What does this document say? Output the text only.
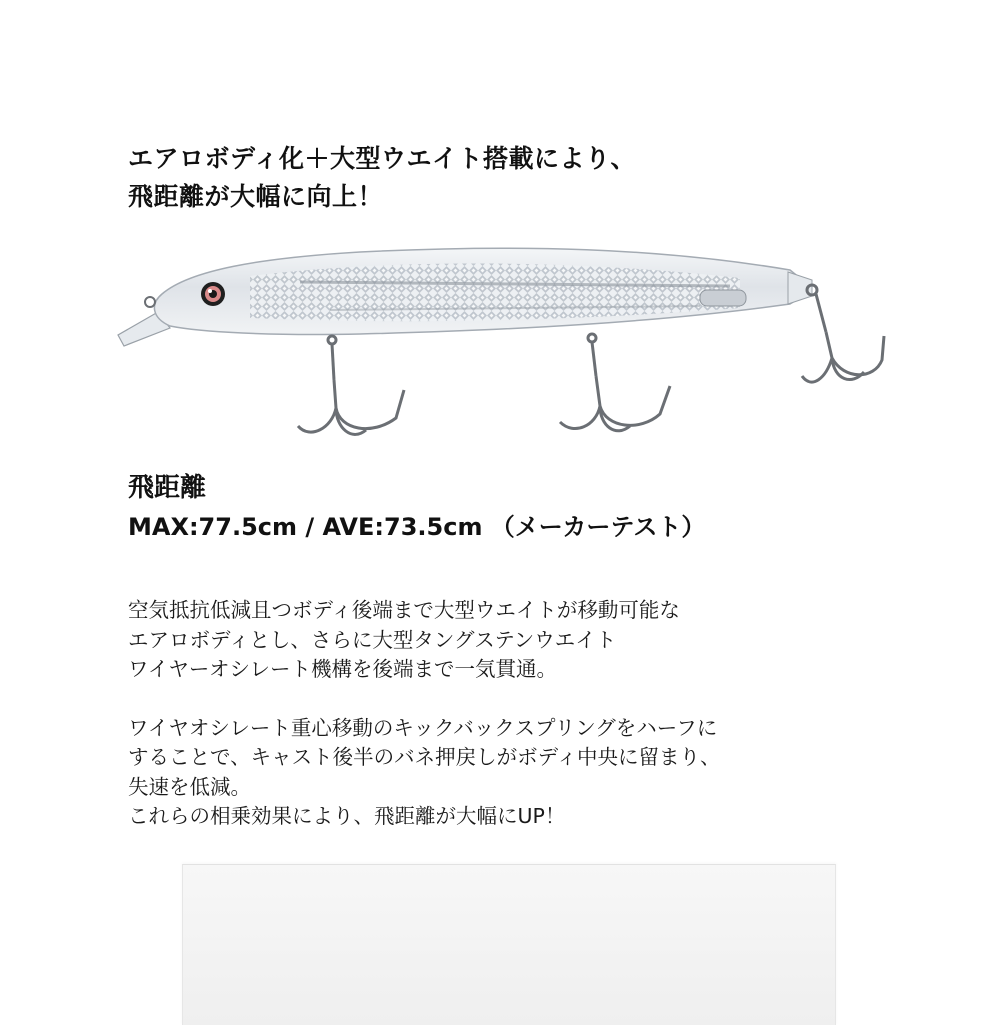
エアロボディ化＋大型ウエイト搭載により、
飛距離が大幅に向上！
飛距離
MAX:77.5cm / AVE:73.5cm （メーカーテスト）

空気抵抗低減且つボディ後端まで大型ウエイトが移動可能な
エアロボディとし、さらに大型タングステンウエイト
ワイヤーオシレート機構を後端まで一気貫通。

ワイヤオシレート重心移動のキックバックスプリングをハーフに
することで、キャスト後半のバネ押戻しがボディ中央に留まり、
失速を低減。
これらの相乗効果により、飛距離が大幅にUP！
